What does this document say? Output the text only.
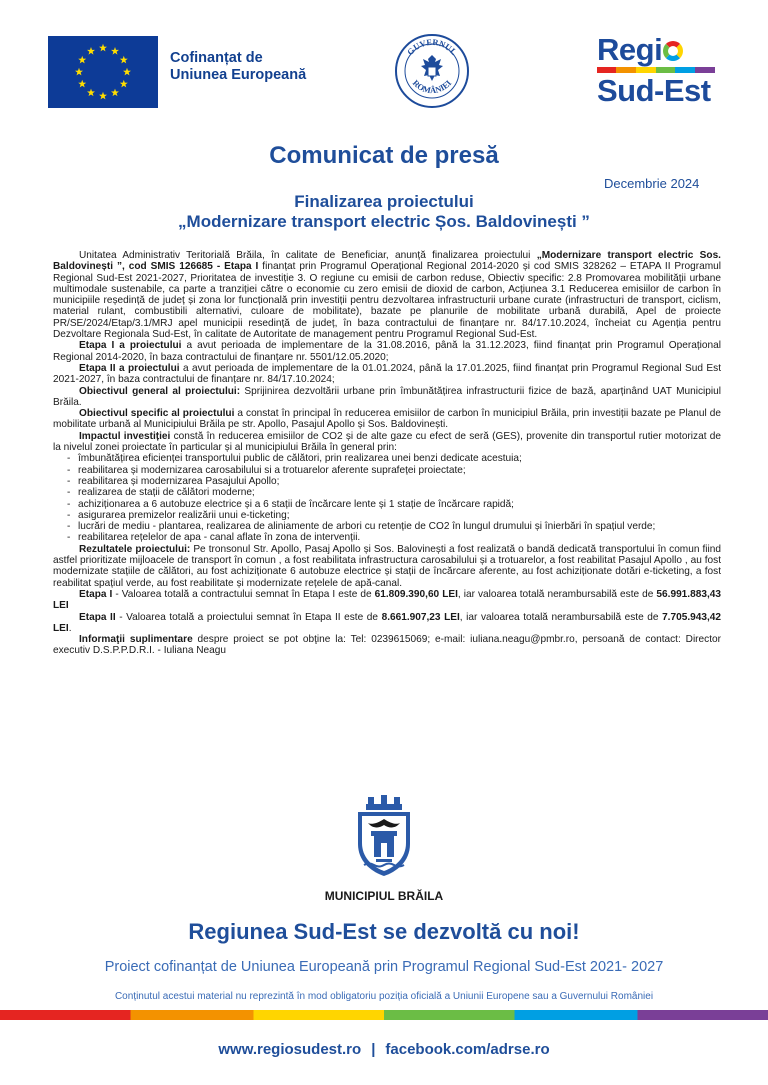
Cofinanțat de
Uniunea Europeană
GUVERNUL
ROMÂNIEI
Regi
Sud-Est
Comunicat de presă
Decembrie 2024
Finalizarea proiectului
„Modernizare transport electric Șos. Baldovinești ”

Unitatea Administrativ Teritorială Brăila, în calitate de Beneficiar, anunță finalizarea proiectului „Modernizare transport electric Sos. Baldovinești ”, cod SMIS 126685 - Etapa I finanțat prin Programul Operațional Regional 2014-2020 și cod SMIS 328262 – ETAPA II Programul Regional Sud-Est 2021-2027, Prioritatea de investiție 3. O regiune cu emisii de carbon reduse, Obiectiv specific: 2.8 Promovarea mobilității urbane multimodale sustenabile, ca parte a tranziției către o economie cu zero emisii de dioxid de carbon, Acțiunea 3.1 Reducerea emisiilor de carbon în municipiile reședință de județ și zona lor funcțională prin investiții pentru dezvoltarea infrastructurii urbane curate (infrastructuri de transport, ciclism, material rulant, combustibili alternativi, culoare de mobilitate), bazate pe planurile de mobilitate urbană durabilă, Apel de proiecte PR/SE/2024/Etap/3.1/MRJ apel municipii resedință de județ, în baza contractului de finanțare nr. 84/17.10.2024, încheiat cu Agenția pentru Dezvoltare Regionala Sud-Est, în calitate de Autoritate de management pentru Programul Regional Sud-Est.

Etapa I a proiectului a avut perioada de implementare de la 31.08.2016, până la 31.12.2023, fiind finanțat prin Programul Operațional Regional 2014-2020, în baza contractului de finanțare nr. 5501/12.05.2020;

Etapa II a proiectului a avut perioada de implementare de la 01.01.2024, până la 17.01.2025, fiind finanțat prin Programul Regional Sud Est 2021-2027, în baza contractului de finanțare nr. 84/17.10.2024;

Obiectivul general al proiectului: Sprijinirea dezvoltării urbane prin îmbunătățirea infrastructurii fizice de bază, aparținând UAT Municipiul Brăila.

Obiectivul specific al proiectului a constat în principal în reducerea emisiilor de carbon în municipiul Brăila, prin investiții bazate pe Planul de mobilitate urbană al Municipiului Brăila pe str. Apollo, Pasajul Apollo și Sos. Baldovinești.

Impactul investiției constă în reducerea emisiilor de CO2 și de alte gaze cu efect de seră (GES), provenite din transportul rutier motorizat de la nivelul zonei proiectate în particular și al municipiului Brăila în general prin:

- îmbunătățirea eficienței transportului public de călători, prin realizarea unei benzi dedicate acestuia;
- reabilitarea și modernizarea carosabilului si a trotuarelor aferente suprafeței proiectate;
- reabilitarea și modernizarea Pasajului Apollo;
- realizarea de stații de călători moderne;
- achiziționarea a 6 autobuze electrice și a 6 stații de încărcare lente și 1 stație de încărcare rapidă;
- asigurarea premizelor realizării unui e-ticketing;
- lucrări de mediu - plantarea, realizarea de aliniamente de arbori cu retenție de CO2 în lungul drumului și înierbări în spațiul verde;
- reabilitarea rețelelor de apa - canal aflate în zona de intervenții.

Rezultatele proiectului: Pe tronsonul Str. Apollo, Pasaj Apollo și Sos. Balovinești a fost realizată o bandă dedicată transportului în comun fiind astfel prioritizate mijloacele de transport în comun , a fost reabilitata infrastructura carosabilului și a trotuarelor, a fost reabilitat Pasajul Apollo , au fost modernizate stațiile de călători, au fost achiziționate 6 autobuze electrice și stații de încărcare aferente, au fost achiziționate dotări e-ticketing, a fost reabilitat spațiul verde, au fost reabilitate și modernizate rețelele de apă-canal.

Etapa I - Valoarea totală a contractului semnat în Etapa I este de 61.809.390,60 LEI, iar valoarea totală nerambursabilă este de 56.991.883,43 LEI

Etapa II - Valoarea totală a proiectului semnat în Etapa II este de 8.661.907,23 LEI, iar valoarea totală nerambursabilă este de 7.705.943,42 LEI.

Informaţii suplimentare despre proiect se pot obţine la: Tel: 0239615069; e-mail: iuliana.neagu@pmbr.ro, persoană de contact: Director executiv D.S.P.P.D.R.I. - Iuliana Neagu

MUNICIPIUL BRĂILA
Regiunea Sud-Est se dezvoltă cu noi!
Proiect cofinanțat de Uniunea Europeană prin Programul Regional Sud-Est 2021- 2027
Conținutul acestui material nu reprezintă în mod obligatoriu poziția oficială a Uniunii Europene sau a Guvernului României
www.regiosudest.ro | facebook.com/adrse.ro
